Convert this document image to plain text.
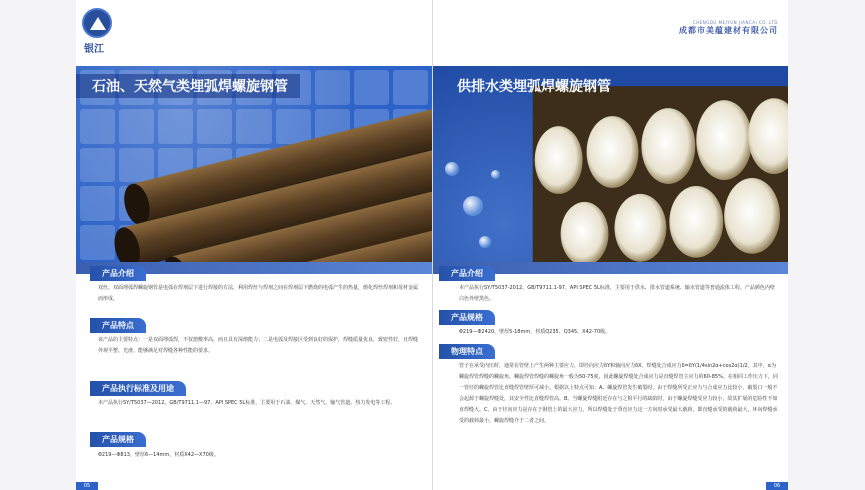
银江
石油、天然气类埋弧焊螺旋钢管
产品介绍
双丝、双面埋弧焊螺旋钢管是电弧在焊剂层下进行焊接的方法，利用焊丝与焊剂之间在焊剂层下燃烧的电弧产生的热量，熔化焊丝焊剂和母材金属而形成。
产品特点
该产品的主要特点：一是双面埋弧焊，不仅熔敷率高，而且具有深熔能力；二是电弧及焊接区受到良好的保护，焊缝质量优良，致密性好，且焊缝外观平整、光滑，能够满足对焊缝各种性能的要求。
产品执行标准及用途
本产品执行SY/T5037—2012、GB/T9711.1—97、API SPEC 5L标准，主要用于石油、煤气、天然气、输气管道、热力发电等工程。
产品规格
Φ219—Φ813，壁厚6—14mm，材质X42—X70级。
05
CHENGDU MEIYUN JIANCAI CO.,LTD
成都市美蕴建材有限公司
供排水类埋弧焊螺旋钢管
产品介绍
本产品执行SY/T5037-2012、GB/T9711.1-97、API SPEC 5L标准，主要用于供水、排水管道系统、输水管道等普通流体工程。产品颜色内壁白色外壁黑色。
产品规格
Φ219—Φ2420，壁厚5-18mm，材质Q235、Q345、X42-70级。
物理特点
管子在承受内压时，通常在管壁上产生两种主要应力，即径向应力δY和轴向应力δX。焊缝处合成应力δ=δY(1/4sin2α+cos2α)1/2，其中，α为螺旋焊管焊缝的螺旋角。螺旋焊管焊缝的螺旋角一般为50-75度，因此螺旋焊缝处合成应力是直缝焊管主应力的60-85%。在相同工作压力下，同一管径的螺旋焊管比直缝焊管壁厚可减小。根据以上特点可知：A、螺旋焊管发生破裂时，由于焊缝所受正应力与合成应力比较小，破裂口一般不会起源于螺旋焊缝处，其安全性比直缝焊管高。B、当螺旋焊缝附近存在与之相平行的缺陷时，由于螺旋焊缝受应力较小，故其扩展的危险性不如直焊缝大。C、由于径向应力是存在于钢管上的最大应力，所以焊缝处于垂直应力这一方向时承受最大载荷，即直缝承受的载荷最大，环向焊缝承受的载荷最小，螺旋焊缝介于二者之间。
06
